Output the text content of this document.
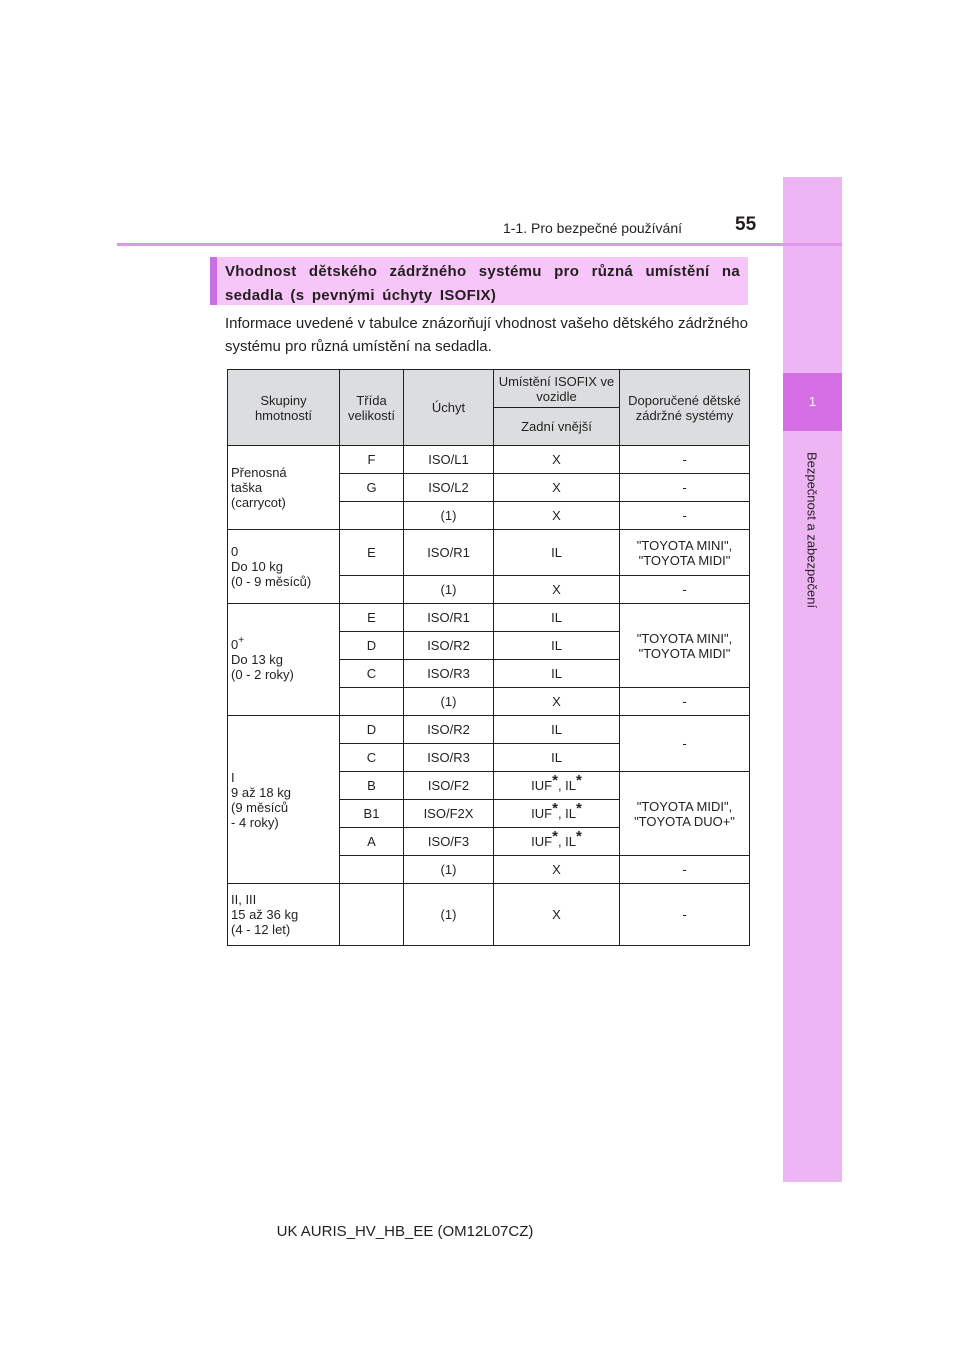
1
Bezpečnost a zabezpečení
1-1. Pro bezpečné používání	55
Vhodnost dětského zádržného systému pro různá umístění na sedadla (s pevnými úchyty ISOFIX)
Informace uvedené v tabulce znázorňují vhodnost vašeho dětského zádržného systému pro různá umístění na sedadla.
Skupiny hmotností	Třída velikostí	Úchyt	Umístění ISOFIX ve vozidle	Doporučené dětské zádržné systémy
			Zadní vnější	
Přenosná
taška
(carrycot)	F	ISO/L1	X	-
	G	ISO/L2	X	-
		(1)	X	-
0
Do 10 kg
(0 - 9 měsíců)	E	ISO/R1	IL	"TOYOTA MINI",
"TOYOTA MIDI"
		(1)	X	-
0+
Do 13 kg
(0 - 2 roky)	E	ISO/R1	IL	"TOYOTA MINI",
"TOYOTA MIDI"
	D	ISO/R2	IL	
	C	ISO/R3	IL	
		(1)	X	-
I
9 až 18 kg
(9 měsíců
- 4 roky)	D	ISO/R2	IL	-
	C	ISO/R3	IL	
	B	ISO/F2	IUF*, IL*	"TOYOTA MIDI",
"TOYOTA DUO+"
	B1	ISO/F2X	IUF*, IL*	
	A	ISO/F3	IUF*, IL*	
		(1)	X	-
II, III
15 až 36 kg
(4 - 12 let)		(1)	X	-
UK AURIS_HV_HB_EE (OM12L07CZ)
